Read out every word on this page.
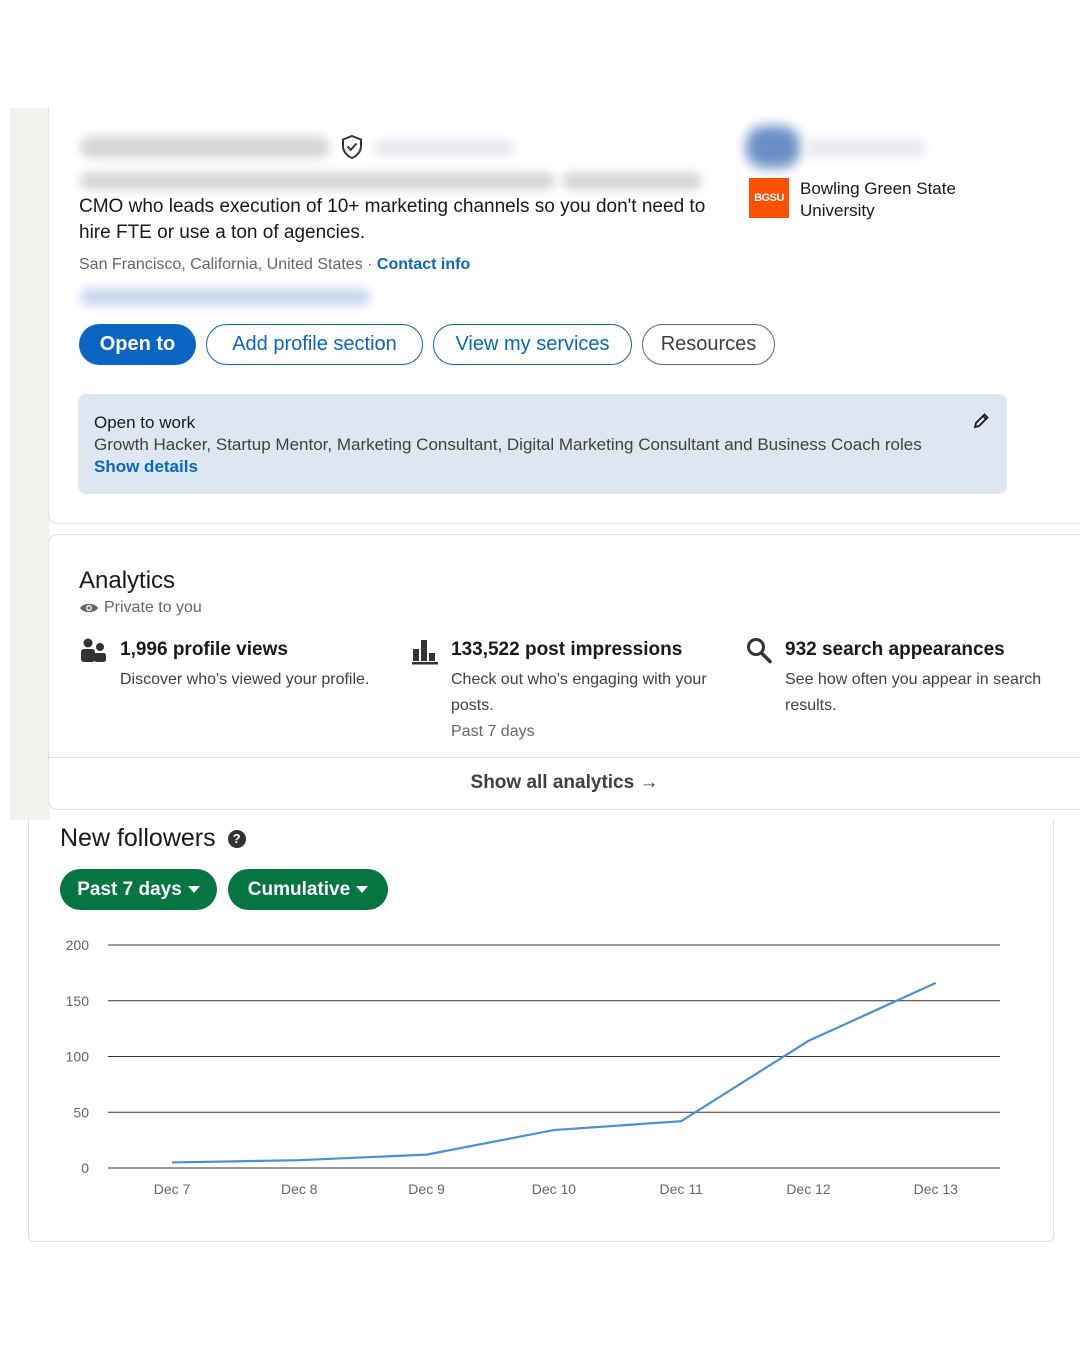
CMO who leads execution of 10+ marketing channels so you don't need to hire FTE or use a ton of agencies.
San Francisco, California, United States · Contact info
BGSU Bowling Green State University
Open to	Add profile section	View my services	Resources
Open to work
Growth Hacker, Startup Mentor, Marketing Consultant, Digital Marketing Consultant and Business Coach roles
Show details
Analytics
Private to you
1,996 profile views
Discover who's viewed your profile.
133,522 post impressions
Check out who's engaging with your posts.
Past 7 days
932 search appearances
See how often you appear in search results.
Show all analytics →
New followers	?
Past 7 days	Cumulative
0
50
100
150
200
Dec 7	Dec 8	Dec 9	Dec 10	Dec 11	Dec 12	Dec 13
